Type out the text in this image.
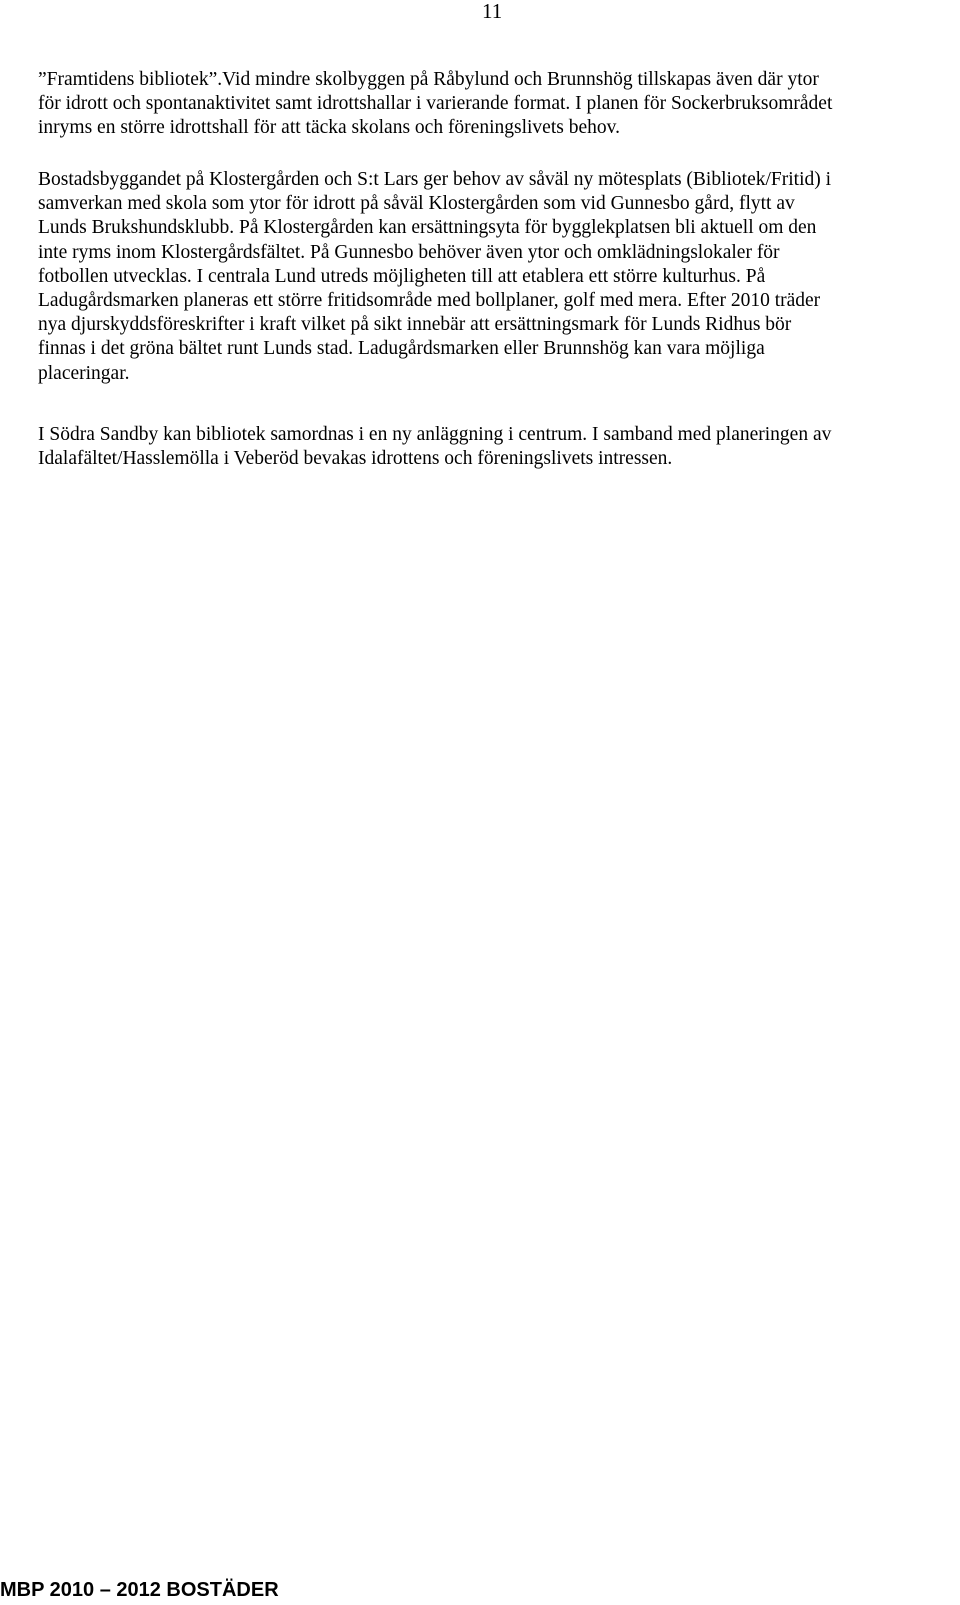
11

”Framtidens bibliotek”.Vid mindre skolbyggen på Råbylund och Brunnshög tillskapas även där ytor
för idrott och spontanaktivitet samt idrottshallar i varierande format. I planen för Sockerbruksområdet
inryms en större idrottshall för att täcka skolans och föreningslivets behov.

Bostadsbyggandet på Klostergården och S:t Lars ger behov av såväl ny mötesplats (Bibliotek/Fritid) i
samverkan med skola som ytor för idrott på såväl Klostergården som vid Gunnesbo gård, flytt av
Lunds Brukshundsklubb. På Klostergården kan ersättningsyta för bygglekplatsen bli aktuell om den
inte ryms inom Klostergårdsfältet. På Gunnesbo behöver även ytor och omklädningslokaler för
fotbollen utvecklas. I centrala Lund utreds möjligheten till att etablera ett större kulturhus. På
Ladugårdsmarken planeras ett större fritidsområde med bollplaner, golf med mera. Efter 2010 träder
nya djurskyddsföreskrifter i kraft vilket på sikt innebär att ersättningsmark för Lunds Ridhus bör
finnas i det gröna bältet runt Lunds stad. Ladugårdsmarken eller Brunnshög kan vara möjliga
placeringar.

I Södra Sandby kan bibliotek samordnas i en ny anläggning i centrum. I samband med planeringen av
Idalafältet/Hasslemölla i Veberöd bevakas idrottens och föreningslivets intressen.

MBP 2010 – 2012 BOSTÄDER
